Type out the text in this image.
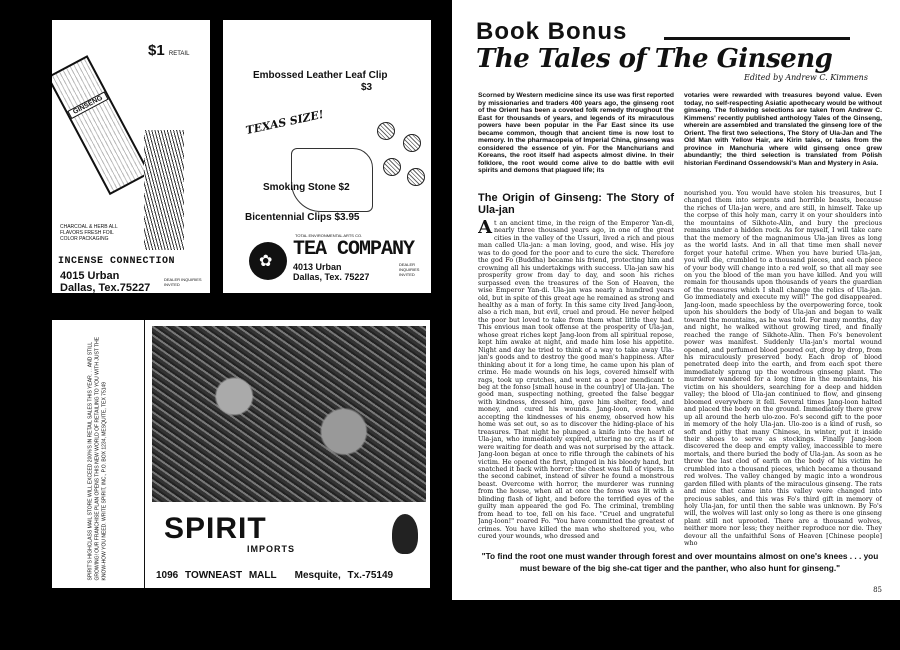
$1 RETAIL
GINSENG
CHARCOAL & HERB ALL FLAVORS FRESH FOIL COLOR PACKAGING
INCENSE CONNECTION
4015 Urban
Dallas, Tex.75227
DEALER INQUIRIES INVITED
Embossed Leather Leaf Clip
$3
TEXAS SIZE!
Smoking Stone $2
Bicentennial Clips $3.95
✿
TOTAL ENVIRONMENTAL ARTS CO.
TEA COMPANY
4013 Urban
Dallas, Tex. 75227
DEALER INQUIRIES INVITED
SPIRIT'S HIGHCLASS MAIL STORE WILL EXCEED 200%'S IN RETAIL SALES THIS YEAR. . . AND STILL GROWING! OUR FRANCHISE PLAN OPENS THIS NEW WORLD OF RETAILING TO YOU WITH JUST THE KNOW-HOW YOU NEED. WRITE SPIRIT, INC., P.O. BOX 1234, MESQUITE, TEX 75149 SPIRIT
IMPORTS
1096 TOWNEAST MALL Mesquite, Tx.-75149
Book Bonus
The Tales of The Ginseng
Edited by Andrew C. Kimmens
Scorned by Western medicine since its use was first reported by missionaries and traders 400 years ago, the ginseng root of the Orient has been a coveted folk remedy throughout the East for thousands of years, and legends of its miraculous powers have been popular in the Far East since its use became common, though that ancient time is now lost to memory. In the pharmacopeia of Imperial China, ginseng was considered the essence of yin. For the Manchurians and Koreans, the root itself had aspects almost divine. In their folklore, the root would come alive to do battle with evil spirits and demons that plagued life; its
The Origin of Ginseng: The Story of Ula-jan
At an ancient time, in the reign of the Emperor Yan-di, nearly three thousand years ago, in one of the great cities in the valley of the Ussuri, lived a rich and pious man called Ula-jan: a man loving, good, and wise. His joy was to do good for the poor and to cure the sick. Therefore the god Fo (Buddha) became his friend, protecting him and crowning all his undertakings with success. Ula-jan saw his prosperity grow from day to day, and soon his riches surpassed even the treasures of the Son of Heaven, the wise Emperor Yan-di. Ula-jan was nearly a hundred years old, but in spite of this great age he remained as strong and healthy as a man of forty. In this same city lived Jang-loon, also a rich man, but evil, cruel and proud. He never helped the poor but loved to take from them what little they had. This envious man took offense at the prosperity of Ula-jan, whose great riches kept Jang-loon from all spiritual repose, kept him awake at night, and made him lose his appetite. Night and day he tried to think of a way to take away Ula-jan's goods and to destroy the good man's happiness. After thinking about it for a long time, he came upon his plan of crime. He made wounds on his legs, covered himself with rags, took up crutches, and went as a poor mendicant to beg at the fonso [small house in the country] of Ula-jan. The good man, suspecting nothing, greeted the false beggar with kindness, dressed him, gave him shelter, food, and money, and cured his wounds. Jang-loon, even while accepting the kindnesses of his enemy, observed how his home was set out, so as to discover the hiding-place of his treasures. That night he plunged a knife into the heart of Ula-jan, who immediately expired, uttering no cry, as if he were waiting for death and was not surprised by the attack. Jang-loon began at once to rifle through the cabinets of his victim. He opened the first, plunged in his bloody hand, but snatched it back with horror: the chest was full of vipers. In the second cabinet, instead of silver he found a monstrous beast. Overcome with horror, the murderer was running from the house, when all at once the fonso was lit with a blinding flash of light, and before the terrified eyes of the guilty man appeared the god Fo. The criminal, trembling from head to toe, fell on his face. "Cruel and ungrateful Jang-loon!" roared Fo. "You have committed the greatest of crimes. You have killed the man who sheltered you, who cured your wounds, who dressed and
votaries were rewarded with treasures beyond value. Even today, no self-respecting Asiatic apothecary would be without ginseng. The following selections are taken from Andrew C. Kimmens' recently published anthology Tales of the Ginseng, wherein are assembled and translated the ginseng lore of the Orient. The first two selections, The Story of Ula-Jan and The Old Man with Yellow Hair, are Kirin tales, or tales from the province in Manchuria where wild ginseng once grew abundantly; the third selection is translated from Polish historian Ferdinand Ossendowski's Man and Mystery in Asia.
nourished you. You would have stolen his treasures, but I changed them into serpents and horrible beasts, because the riches of Ula-jan were, and are still, in himself. Take up the corpse of this holy man, carry it on your shoulders into the mountains of Sikhote-Alin, and bury the precious remains under a hidden rock. As for myself, I will take care that the memory of the magnanimous Ula-jan lives as long as the world lasts. And in all that time men shall never forget your hateful crime. When you have buried Ula-jan, you will die, crumbled to a thousand pieces, and each piece of your body will change into a red wolf, so that all may see on you the blood of the man you have killed. And you will remain for thousands upon thousands of years the guardian of the treasures which I shall change the relics of Ula-jan. Go immediately and execute my will!" The god disappeared. Jang-loon, made speechless by the overpowering force, took upon his shoulders the body of Ula-jan and began to walk toward the mountains, as he was told. For many months, day and night, he walked without growing tired, and finally reached the range of Sikhote-Alin. Then Fo's benevolent power was manifest. Suddenly Ula-jan's mortal wound opened, and perfumed blood poured out, drop by drop, from his miraculously preserved body. Each drop of blood penetrated deep into the earth, and from each spot there immediately sprang up the wondrous ginseng plant. The murderer wandered for a long time in the mountains, his victim on his shoulders, searching for a deep and hidden valley; the blood of Ula-jan continued to flow, and ginseng bloomed everywhere it fell. Several times Jang-loon halted and placed the body on the ground. Immediately there grew up all around the herb ulo-zoo. Fo's second gift to the poor in memory of the holy Ula-jan. Ulo-zoo is a kind of rush, so soft and pithy that many Chinese, in winter, put it inside their shoes to serve as stockings. Finally Jang-loon discovered the deep and empty valley, inaccessible to mere mortals, and there buried the body of Ula-jan. As soon as he threw the last clod of earth on the body of his victim he crumbled into a thousand pieces, which became a thousand red wolves. The valley changed by magic into a wondrous garden filled with plants of the miraculous ginseng. The rats and mice that came into this valley were changed into precious sables, and this was Fo's third gift in memory of holy Ula-jan, for until then the sable was unknown. By Fo's will, the wolves will last only so long as there is one ginseng plant still not uprooted. There are a thousand wolves, neither more nor less; they neither reproduce nor die. They devour all the unfaithful Sons of Heaven [Chinese people] who
"To find the root one must wander through forest and over mountains almost on one's knees . . . you must beware of the big she-cat tiger and the panther, who also hunt for ginseng."
85
